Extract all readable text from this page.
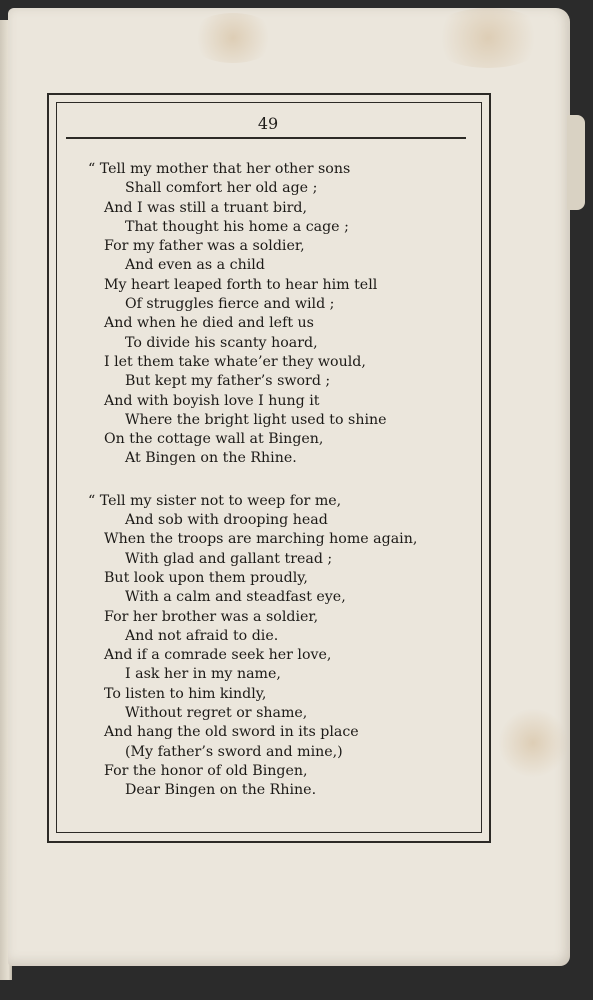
49
“ Tell my mother that her other sons
Shall comfort her old age ;
And I was still a truant bird,
That thought his home a cage ;
For my father was a soldier,
And even as a child
My heart leaped forth to hear him tell
Of struggles fierce and wild ;
And when he died and left us
To divide his scanty hoard,
I let them take whate’er they would,
But kept my father’s sword ;
And with boyish love I hung it
Where the bright light used to shine
On the cottage wall at Bingen,
At Bingen on the Rhine.
“ Tell my sister not to weep for me,
And sob with drooping head
When the troops are marching home again,
With glad and gallant tread ;
But look upon them proudly,
With a calm and steadfast eye,
For her brother was a soldier,
And not afraid to die.
And if a comrade seek her love,
I ask her in my name,
To listen to him kindly,
Without regret or shame,
And hang the old sword in its place
(My father’s sword and mine,)
For the honor of old Bingen,
Dear Bingen on the Rhine.
